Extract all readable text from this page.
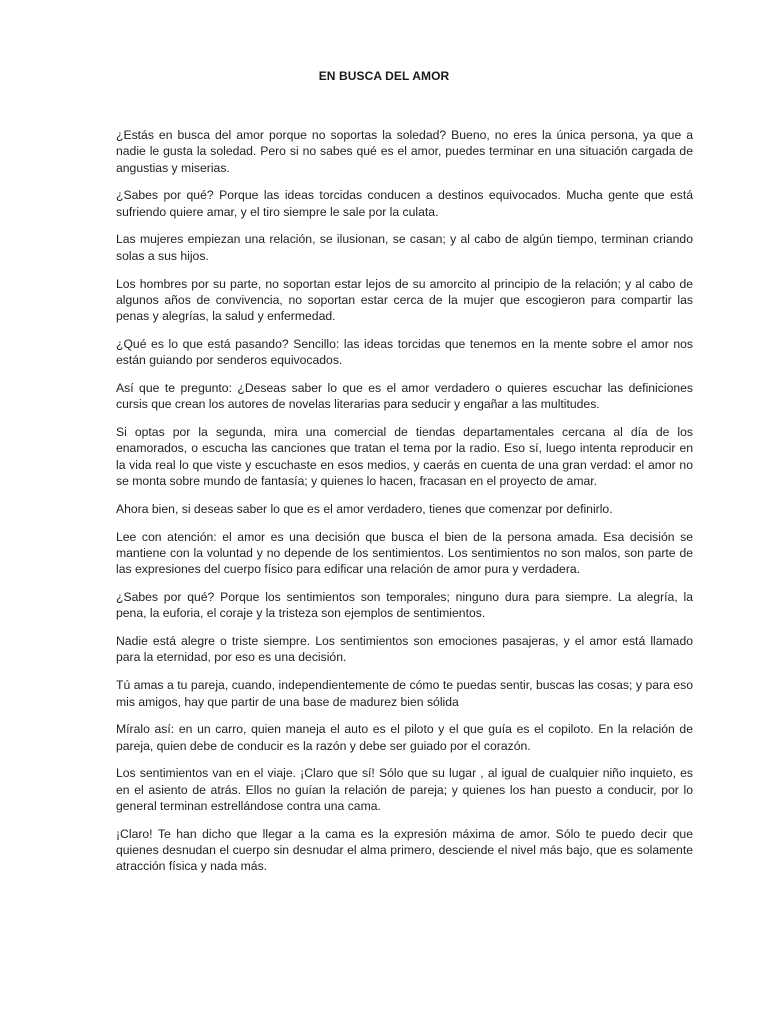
EN BUSCA DEL AMOR

¿Estás en busca del amor porque no soportas la soledad? Bueno, no eres la única persona, ya que a nadie le gusta la soledad. Pero si no sabes qué es el amor, puedes terminar en una situación cargada de angustias y miserias.

¿Sabes por qué? Porque las ideas torcidas conducen a destinos equivocados. Mucha gente que está sufriendo quiere amar, y el tiro siempre le sale por la culata.

Las mujeres empiezan una relación, se ilusionan, se casan; y al cabo de algún tiempo, terminan criando solas a sus hijos.

Los hombres por su parte, no soportan estar lejos de su amorcito al principio de la relación; y al cabo de algunos años de convivencia, no soportan estar cerca de la mujer que escogieron para compartir las penas y alegrías, la salud y enfermedad.

¿Qué es lo que está pasando? Sencillo: las ideas torcidas que tenemos en la mente sobre el amor nos están guiando por senderos equivocados.

Así que te pregunto: ¿Deseas saber lo que es el amor verdadero o quieres escuchar las definiciones cursis que crean los autores de novelas literarias para seducir y engañar a las multitudes.

Si optas por la segunda, mira una comercial de tiendas departamentales cercana al día de los enamorados, o escucha las canciones que tratan el tema por la radio. Eso sí, luego intenta reproducir en la vida real lo que viste y escuchaste en esos medios, y caerás en cuenta de una gran verdad: el amor no se monta sobre mundo de fantasía; y quienes lo hacen, fracasan en el proyecto de amar.

Ahora bien, si deseas saber lo que es el amor verdadero, tienes que comenzar por definirlo.

Lee con atención: el amor es una decisión que busca el bien de la persona amada. Esa decisión se mantiene con la voluntad y no depende de los sentimientos. Los sentimientos no son malos, son parte de las expresiones del cuerpo físico para edificar una relación de amor pura y verdadera.

¿Sabes por qué? Porque los sentimientos son temporales; ninguno dura para siempre. La alegría, la pena, la euforia, el coraje y la tristeza son ejemplos de sentimientos.

Nadie está alegre o triste siempre. Los sentimientos son emociones pasajeras, y el amor está llamado para la eternidad, por eso es una decisión.

Tú amas a tu pareja, cuando, independientemente de cómo te puedas sentir, buscas las cosas; y para eso mis amigos, hay que partir de una base de madurez bien sólida

Míralo así: en un carro, quien maneja el auto es el piloto y el que guía es el copiloto. En la relación de pareja, quien debe de conducir es la razón y debe ser guiado por el corazón.

Los sentimientos van en el viaje. ¡Claro que sí! Sólo que su lugar , al igual de cualquier niño inquieto, es en el asiento de atrás. Ellos no guían la relación de pareja; y quienes los han puesto a conducir, por lo general terminan estrellándose contra una cama.

¡Claro! Te han dicho que llegar a la cama es la expresión máxima de amor. Sólo te puedo decir que quienes desnudan el cuerpo sin desnudar el alma primero, desciende el nivel más bajo, que es solamente atracción física y nada más.
